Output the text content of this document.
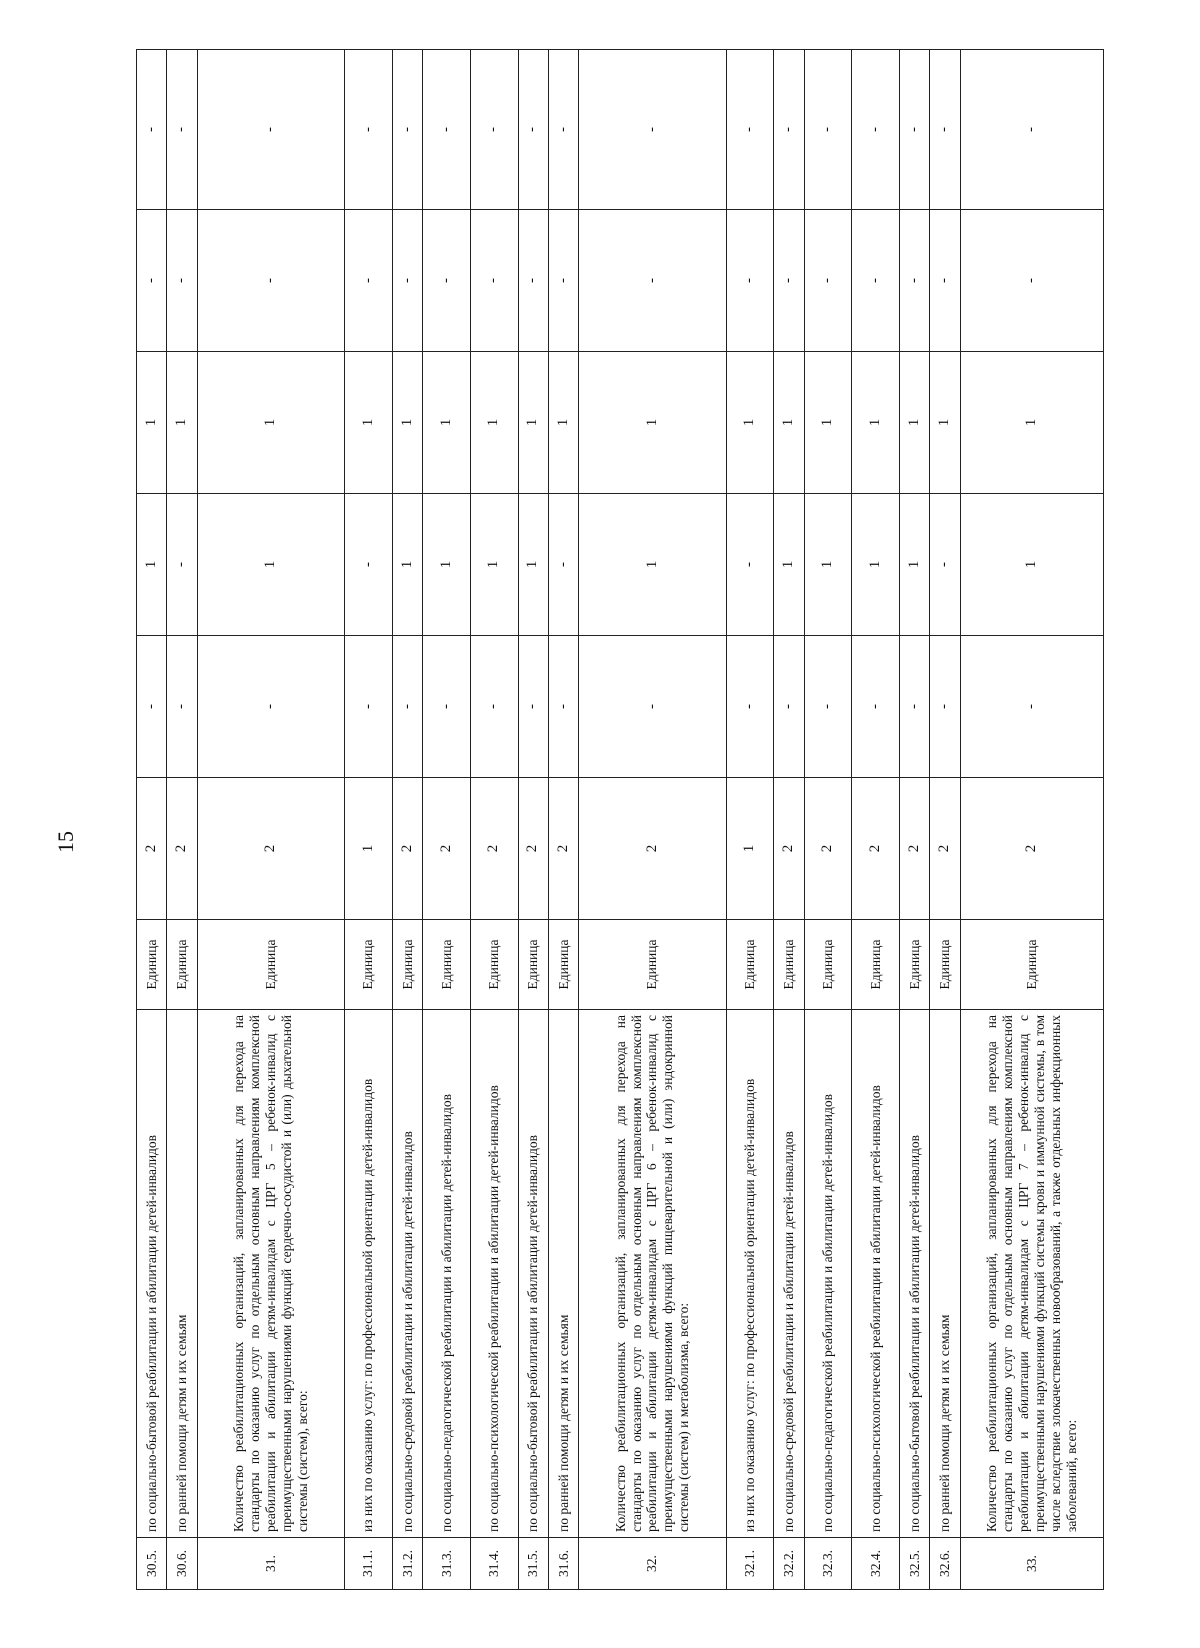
15
30.5.	по социально-бытовой реабилитации и абилитации детей-инвалидов	Единица	2	-	1	1	-	-
30.6.	по ранней помощи детям и их семьям	Единица	2	-	-	1	-	-
31.	Количество реабилитационных организаций, запланированных для перехода на стандарты по оказанию услуг по отдельным основным направлениям комплексной реабилитации и абилитации детям-инвалидам с ЦРГ 5 – ребенок-инвалид с преимущественными нарушениями функций сердечно-сосудистой и (или) дыхательной системы (систем), всего:	Единица	2	-	1	1	-	-
31.1.	из них по оказанию услуг: по профессиональной ориентации детей-инвалидов	Единица	1	-	-	1	-	-
31.2.	по социально-средовой реабилитации и абилитации детей-инвалидов	Единица	2	-	1	1	-	-
31.3.	по социально-педагогической реабилитации и абилитации детей-инвалидов	Единица	2	-	1	1	-	-
31.4.	по социально-психологической реабилитации и абилитации детей-инвалидов	Единица	2	-	1	1	-	-
31.5.	по социально-бытовой реабилитации и абилитации детей-инвалидов	Единица	2	-	1	1	-	-
31.6.	по ранней помощи детям и их семьям	Единица	2	-	-	1	-	-
32.	Количество реабилитационных организаций, запланированных для перехода на стандарты по оказанию услуг по отдельным основным направлениям комплексной реабилитации и абилитации детям-инвалидам с ЦРГ 6 – ребенок-инвалид с преимущественными нарушениями функций пищеварительной и (или) эндокринной системы (систем) и метаболизма, всего:	Единица	2	-	1	1	-	-
32.1.	из них по оказанию услуг: по профессиональной ориентации детей-инвалидов	Единица	1	-	-	1	-	-
32.2.	по социально-средовой реабилитации и абилитации детей-инвалидов	Единица	2	-	1	1	-	-
32.3.	по социально-педагогической реабилитации и абилитации детей-инвалидов	Единица	2	-	1	1	-	-
32.4.	по социально-психологической реабилитации и абилитации детей-инвалидов	Единица	2	-	1	1	-	-
32.5.	по социально-бытовой реабилитации и абилитации детей-инвалидов	Единица	2	-	1	1	-	-
32.6.	по ранней помощи детям и их семьям	Единица	2	-	-	1	-	-
33.	Количество реабилитационных организаций, запланированных для перехода на стандарты по оказанию услуг по отдельным основным направлениям комплексной реабилитации и абилитации детям-инвалидам с ЦРГ 7 – ребенок-инвалид с преимущественными нарушениями функций системы крови и иммунной системы, в том числе вследствие злокачественных новообразований, а также отдельных инфекционных заболеваний, всего:	Единица	2	-	1	1	-	-
